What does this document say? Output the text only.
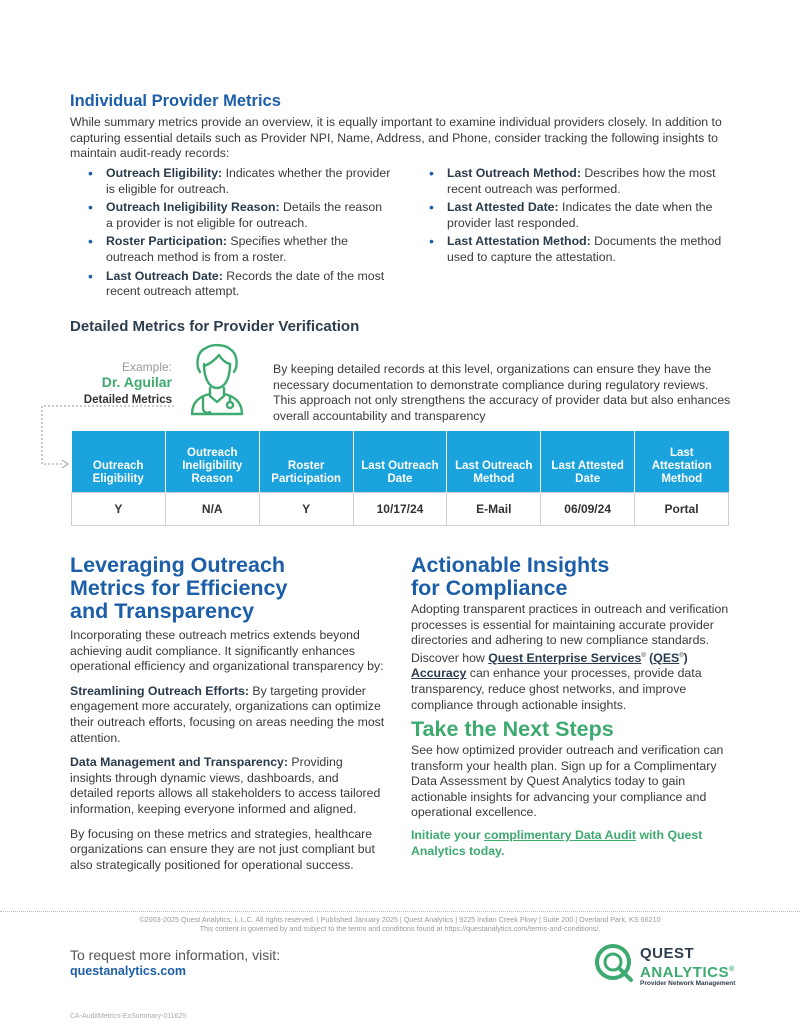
Individual Provider Metrics

While summary metrics provide an overview, it is equally important to examine individual providers closely. In addition to capturing essential details such as Provider NPI, Name, Address, and Phone, consider tracking the following insights to maintain audit-ready records:

• Outreach Eligibility: Indicates whether the provider is eligible for outreach.
• Outreach Ineligibility Reason: Details the reason a provider is not eligible for outreach.
• Roster Participation: Specifies whether the outreach method is from a roster.
• Last Outreach Date: Records the date of the most recent outreach attempt.
• Last Outreach Method: Describes how the most recent outreach was performed.
• Last Attested Date: Indicates the date when the provider last responded.
• Last Attestation Method: Documents the method used to capture the attestation.
Detailed Metrics for Provider Verification
Example:
Dr. Aguilar
Detailed Metrics

By keeping detailed records at this level, organizations can ensure they have the necessary documentation to demonstrate compliance during regulatory reviews. This approach not only strengthens the accuracy of provider data but also enhances overall accountability and transparency

Outreach Eligibility	Outreach Ineligibility Reason	Roster Participation	Last Outreach Date	Last Outreach Method	Last Attested Date	Last Attestation Method
Y	N/A	Y	10/17/24	E-Mail	06/09/24	Portal
Leveraging Outreach
Metrics for Efficiency
and Transparency

Incorporating these outreach metrics extends beyond achieving audit compliance. It significantly enhances operational efficiency and organizational transparency by:

Streamlining Outreach Efforts: By targeting provider engagement more accurately, organizations can optimize their outreach efforts, focusing on areas needing the most attention.

Data Management and Transparency: Providing insights through dynamic views, dashboards, and detailed reports allows all stakeholders to access tailored information, keeping everyone informed and aligned.

By focusing on these metrics and strategies, healthcare organizations can ensure they are not just compliant but also strategically positioned for operational success.

Actionable Insights
for Compliance

Adopting transparent practices in outreach and verification processes is essential for maintaining accurate provider directories and adhering to new compliance standards. Discover how Quest Enterprise Services® (QES®) Accuracy can enhance your processes, provide data transparency, reduce ghost networks, and improve compliance through actionable insights.

Take the Next Steps

See how optimized provider outreach and verification can transform your health plan. Sign up for a Complimentary Data Assessment by Quest Analytics today to gain actionable insights for advancing your compliance and operational excellence.

Initiate your complimentary Data Audit with Quest Analytics today.

©2003-2025 Quest Analytics, L.L.C. All rights reserved. | Published January 2025 | Quest Analytics | 9225 Indian Creek Pkwy | Suite 200 | Overland Park, KS 66210
This content is governed by and subject to the terms and conditions found at https://questanalytics.com/terms-and-conditions/.
To request more information, visit:
questanalytics.com
QUEST
ANALYTICS®
Provider Network Management
CA-AuditMetrics-ExSummary-011625
